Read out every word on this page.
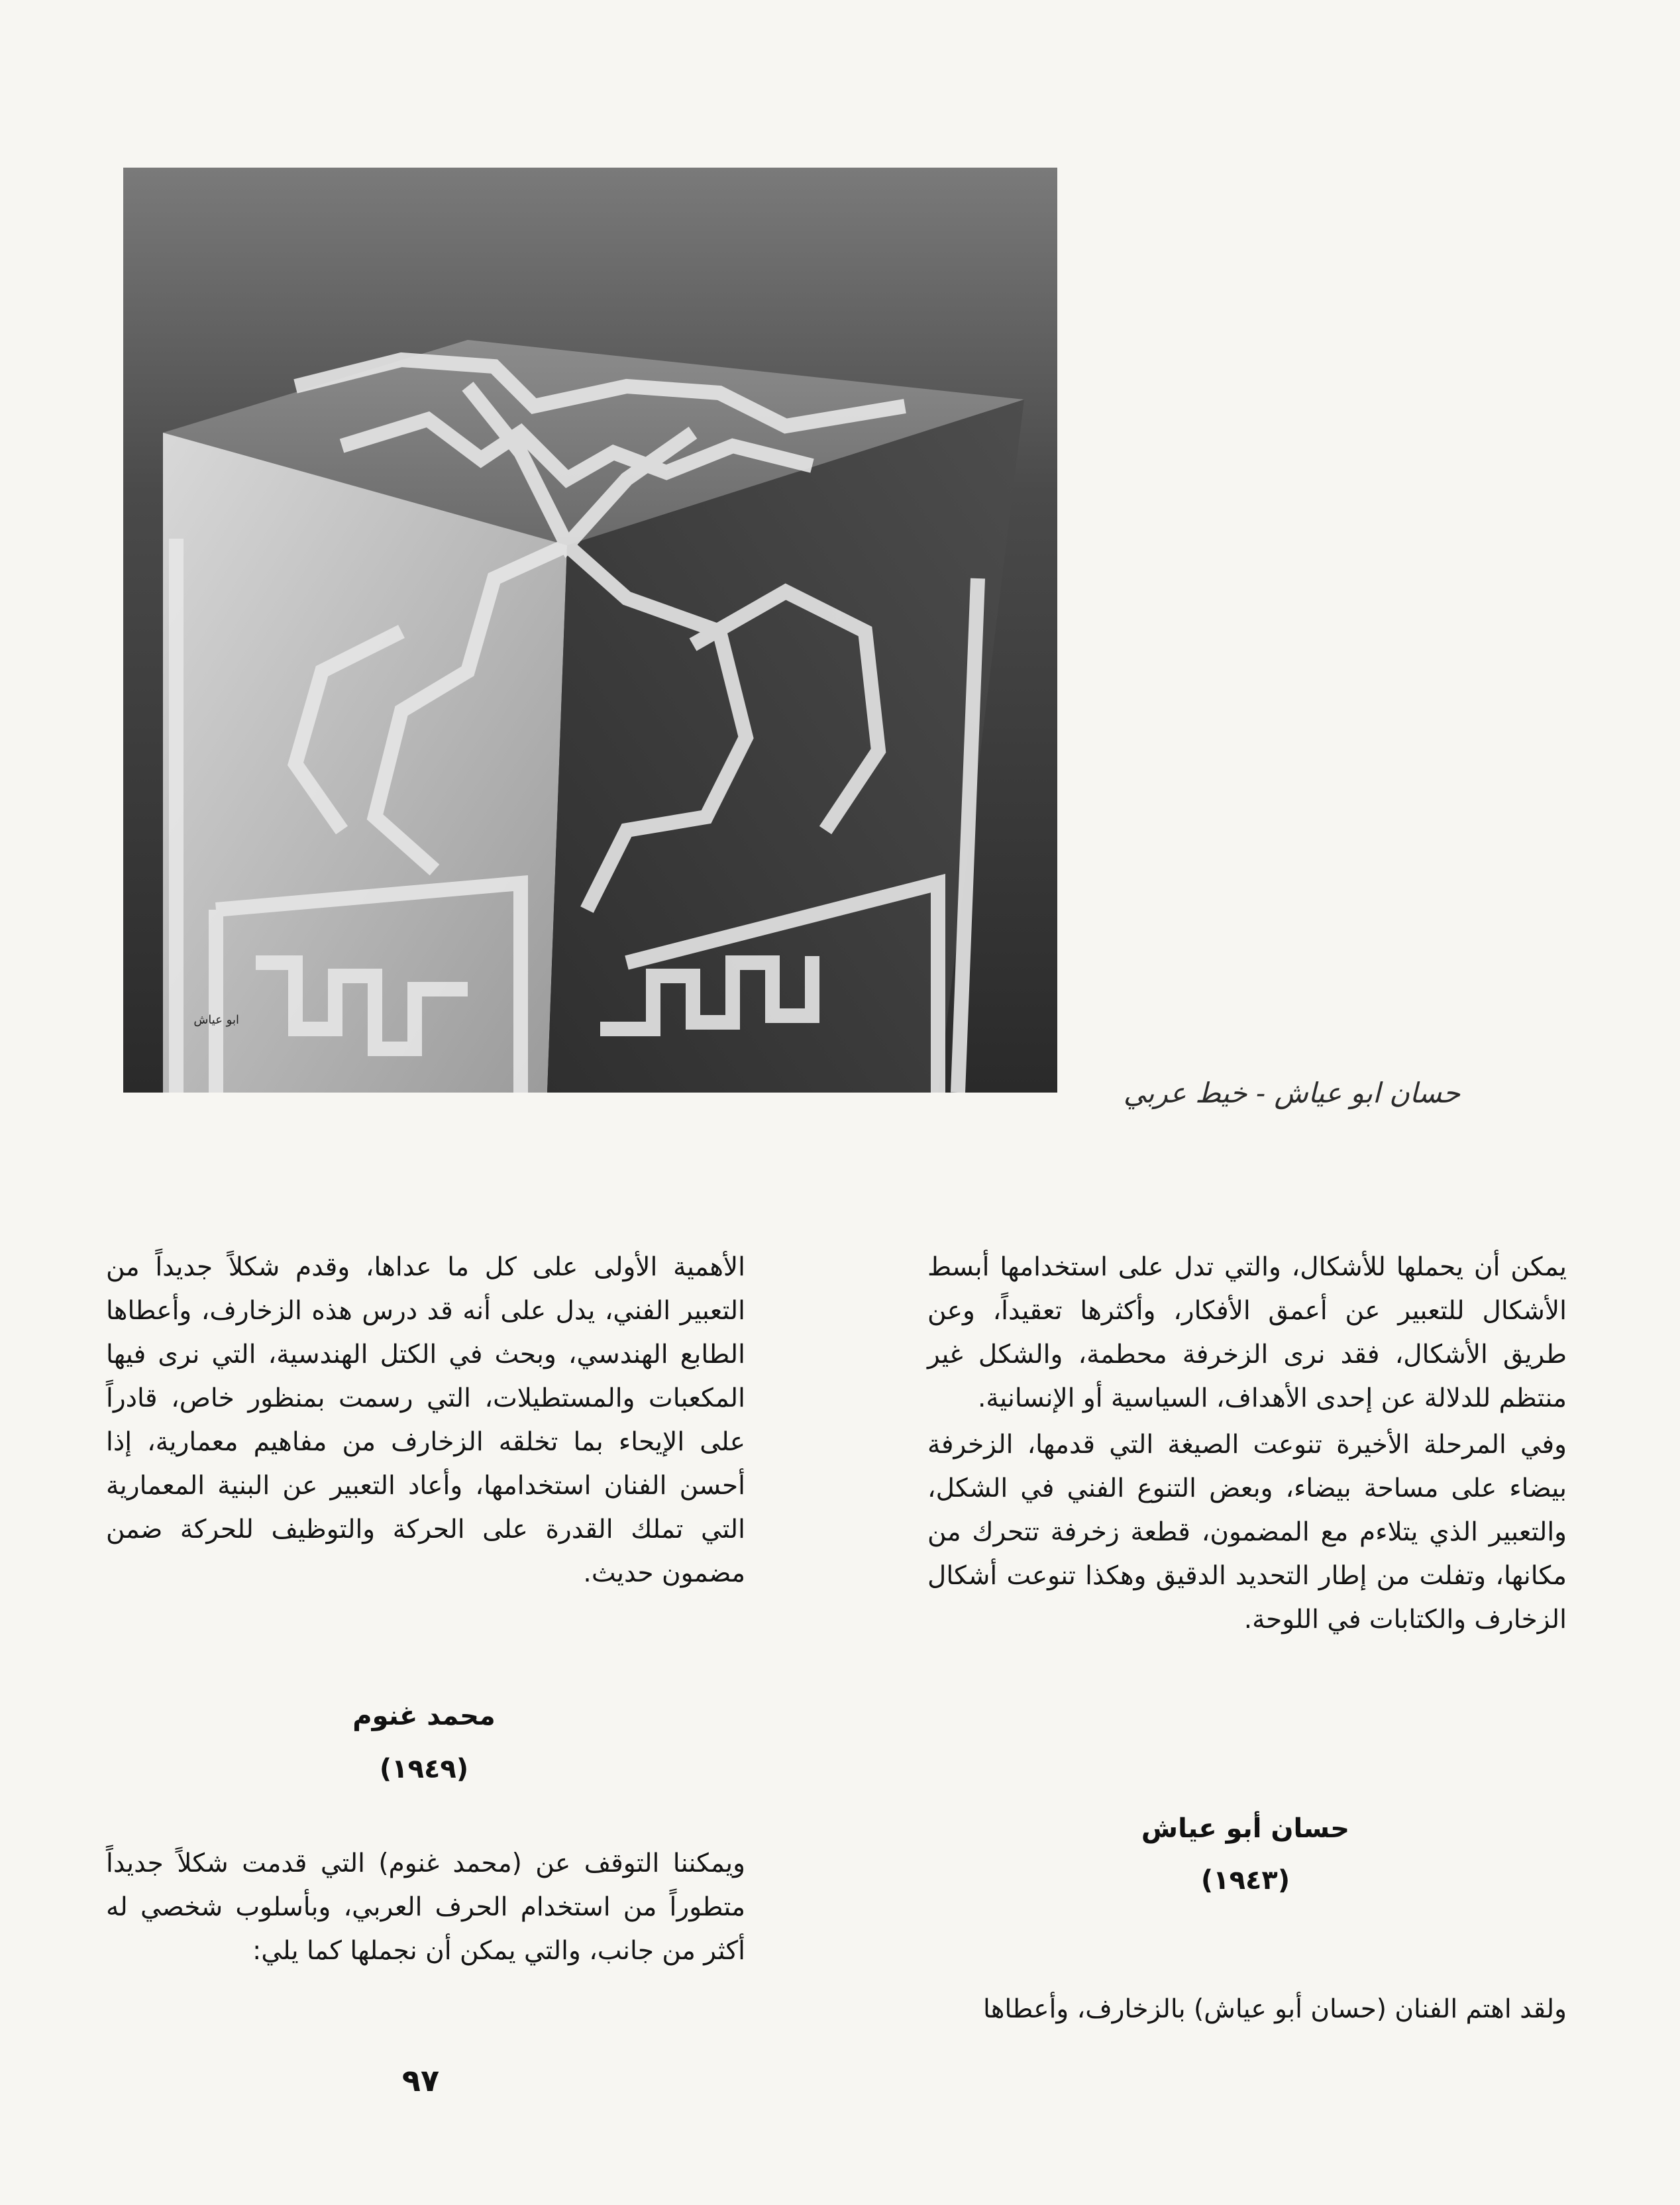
ابو عياش
حسان ابو عياش - خيط عربي

يمكن أن يحملها للأشكال، والتي تدل على استخدامها أبسط الأشكال للتعبير عن أعمق الأفكار، وأكثرها تعقيداً، وعن طريق الأشكال، فقد نرى الزخرفة محطمة، والشكل غير منتظم للدلالة عن إحدى الأهداف، السياسية أو الإنسانية.

وفي المرحلة الأخيرة تنوعت الصيغة التي قدمها، الزخرفة بيضاء على مساحة بيضاء، وبعض التنوع الفني في الشكل، والتعبير الذي يتلاءم مع المضمون، قطعة زخرفة تتحرك من مكانها، وتفلت من إطار التحديد الدقيق وهكذا تنوعت أشكال الزخارف والكتابات في اللوحة.

الأهمية الأولى على كل ما عداها، وقدم شكلاً جديداً من التعبير الفني، يدل على أنه قد درس هذه الزخارف، وأعطاها الطابع الهندسي، وبحث في الكتل الهندسية، التي نرى فيها المكعبات والمستطيلات، التي رسمت بمنظور خاص، قادراً على الإيحاء بما تخلقه الزخارف من مفاهيم معمارية، إذا أحسن الفنان استخدامها، وأعاد التعبير عن البنية المعمارية التي تملك القدرة على الحركة والتوظيف للحركة ضمن مضمون حديث.

محمد غنوم
(١٩٤٩)

ويمكننا التوقف عن (محمد غنوم) التي قدمت شكلاً جديداً متطوراً من استخدام الحرف العربي، وبأسلوب شخصي له أكثر من جانب، والتي يمكن أن نجملها كما يلي:

حسان أبو عياش
(١٩٤٣)
ولقد اهتم الفنان (حسان أبو عياش) بالزخارف، وأعطاها
٩٧
